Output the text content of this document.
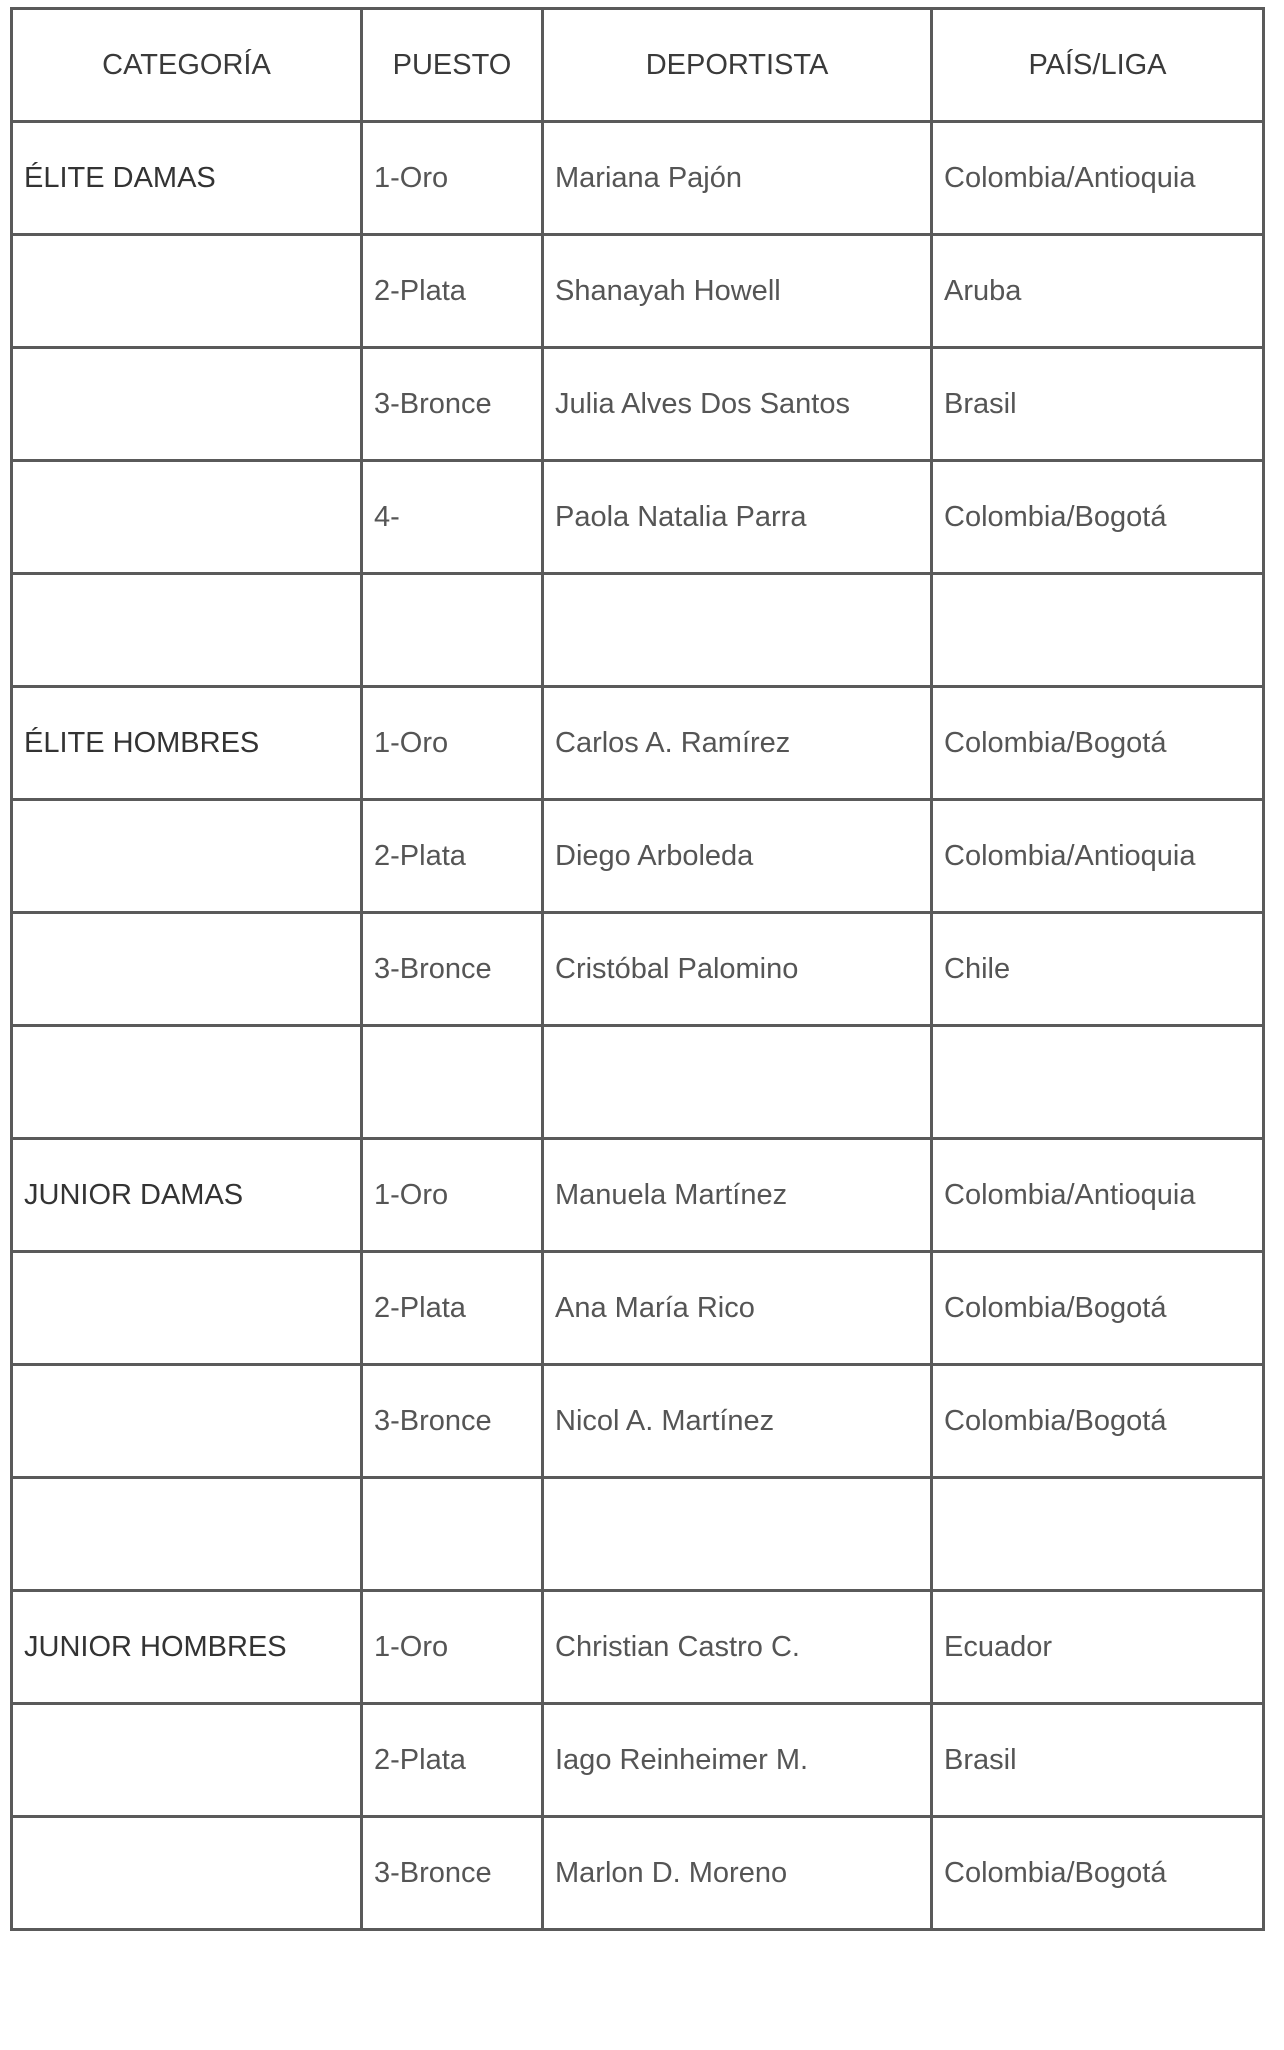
CATEGORÍA	PUESTO	DEPORTISTA	PAÍS/LIGA
ÉLITE DAMAS	1-Oro	Mariana Pajón	Colombia/Antioquia
	2-Plata	Shanayah Howell	Aruba
	3-Bronce	Julia Alves Dos Santos	Brasil
	4-	Paola Natalia Parra	Colombia/Bogotá

ÉLITE HOMBRES	1-Oro	Carlos A. Ramírez	Colombia/Bogotá
	2-Plata	Diego Arboleda	Colombia/Antioquia
	3-Bronce	Cristóbal Palomino	Chile

JUNIOR DAMAS	1-Oro	Manuela Martínez	Colombia/Antioquia
	2-Plata	Ana María Rico	Colombia/Bogotá
	3-Bronce	Nicol A. Martínez	Colombia/Bogotá

JUNIOR HOMBRES	1-Oro	Christian Castro C.	Ecuador
	2-Plata	Iago Reinheimer M.	Brasil
	3-Bronce	Marlon D. Moreno	Colombia/Bogotá
